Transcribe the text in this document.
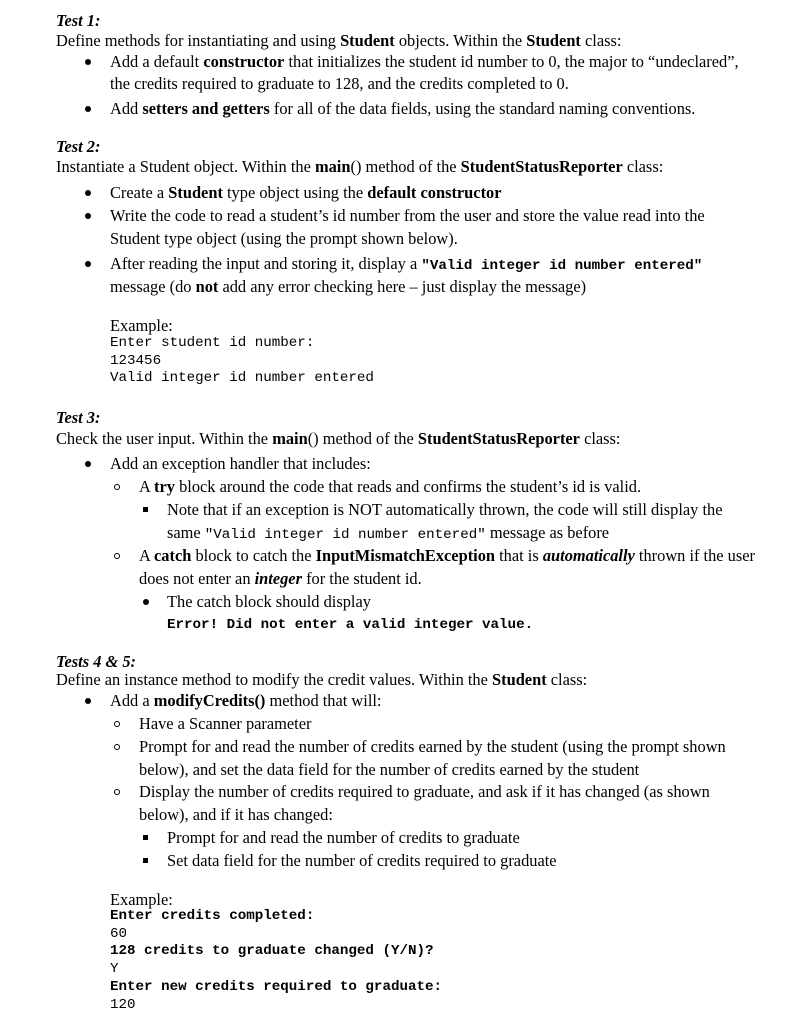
Test 1:
Define methods for instantiating and using Student objects. Within the Student class:
Add a default constructor that initializes the student id number to 0, the major to “undeclared”,
the credits required to graduate to 128, and the credits completed to 0.
Add setters and getters for all of the data fields, using the standard naming conventions.
Test 2:
Instantiate a Student object. Within the main() method of the StudentStatusReporter class:
Create a Student type object using the default constructor
Write the code to read a student’s id number from the user and store the value read into the
Student type object (using the prompt shown below).
After reading the input and storing it, display a "Valid integer id number entered"
message (do not add any error checking here – just display the message)
Example:
Enter student id number:
123456
Valid integer id number entered
Test 3:
Check the user input. Within the main() method of the StudentStatusReporter class:
Add an exception handler that includes:
A try block around the code that reads and confirms the student’s id is valid.
Note that if an exception is NOT automatically thrown, the code will still display the
same "Valid integer id number entered" message as before
A catch block to catch the InputMismatchException that is automatically thrown if the user
does not enter an integer for the student id.
The catch block should display
Error! Did not enter a valid integer value.
Tests 4 & 5:
Define an instance method to modify the credit values. Within the Student class:
Add a modifyCredits() method that will:
Have a Scanner parameter
Prompt for and read the number of credits earned by the student (using the prompt shown
below), and set the data field for the number of credits earned by the student
Display the number of credits required to graduate, and ask if it has changed (as shown
below), and if it has changed:
Prompt for and read the number of credits to graduate
Set data field for the number of credits required to graduate
Example:
Enter credits completed:
60
128 credits to graduate changed (Y/N)?
Y
Enter new credits required to graduate:
120
